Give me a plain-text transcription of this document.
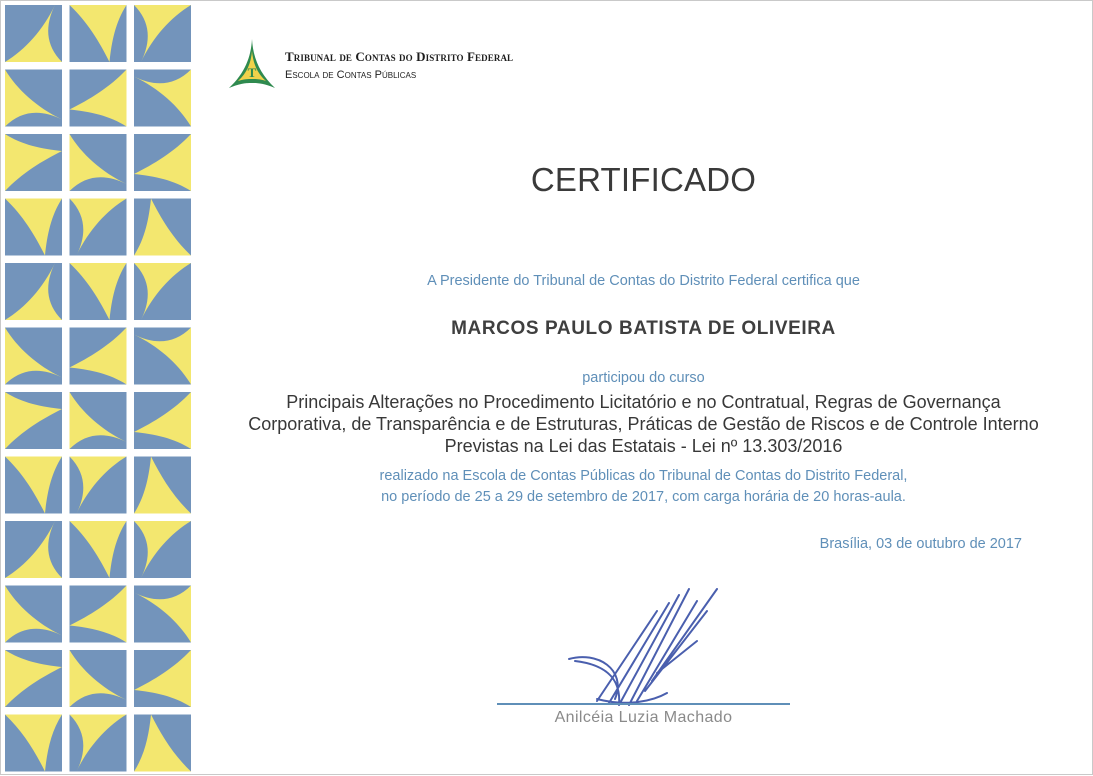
T
Tribunal de Contas do Distrito Federal
Escola de Contas Públicas
CERTIFICADO
A Presidente do Tribunal de Contas do Distrito Federal certifica que
MARCOS PAULO BATISTA DE OLIVEIRA
participou do curso
Principais Alterações no Procedimento Licitatório e no Contratual, Regras de Governança
Corporativa, de Transparência e de Estruturas, Práticas de Gestão de Riscos e de Controle Interno
Previstas na Lei das Estatais - Lei nº 13.303/2016
realizado na Escola de Contas Públicas do Tribunal de Contas do Distrito Federal,
no período de 25 a 29 de setembro de 2017, com carga horária de 20 horas-aula.
Brasília, 03 de outubro de 2017
Anilcéia Luzia Machado
